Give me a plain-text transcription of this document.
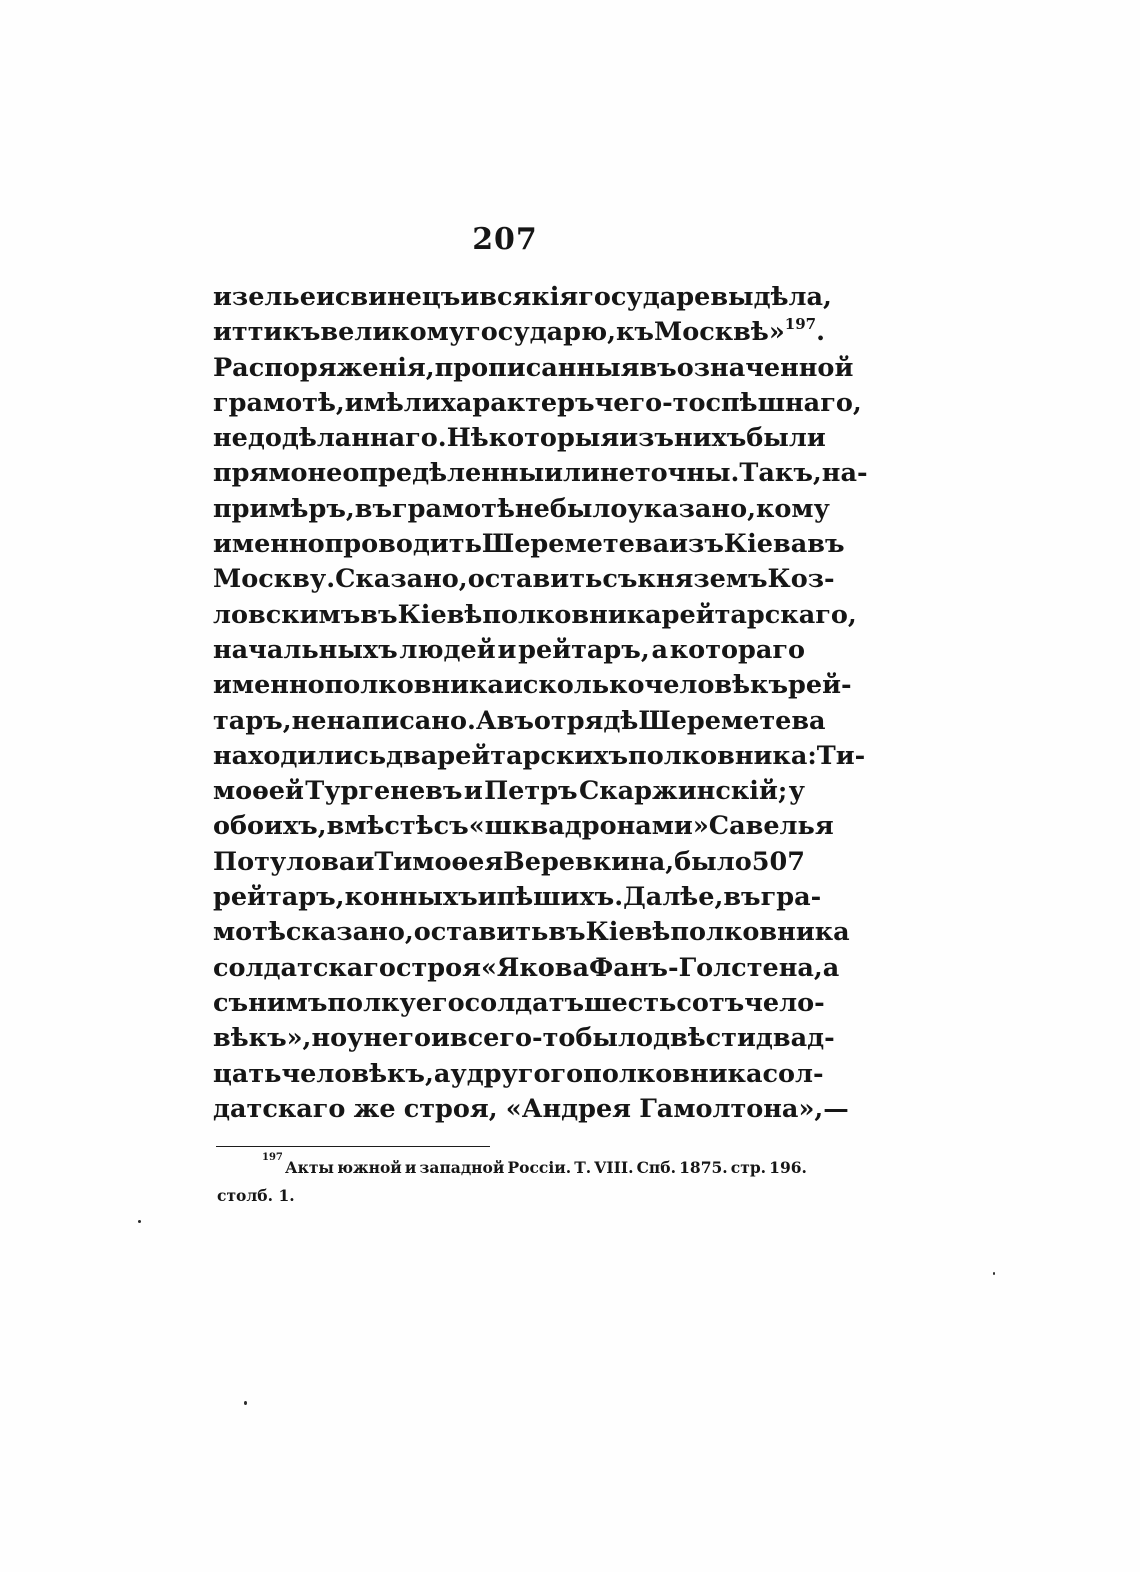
207
и зелье и свинецъ и всякія государевы дѣла,
итти къ великому государю, къ Москвѣ»$^{197}$.
Распоряженія, прописанныя въ означенной
грамотѣ, имѣли характеръ чего-то спѣшнаго,
недодѣланнаго. Нѣкоторыя изъ нихъ были
прямо неопредѣленны или неточны. Такъ, на-
примѣръ, въ грамотѣ не было указано, кому
именно проводить Шереметева изъ Кіева въ
Москву. Сказано, оставить съ княземъ Коз-
ловскимъ въ Кіевѣ полковника рейтарскаго,
начальныхъ людей и рейтаръ, а котораго
именно полковника и сколько человѣкъ рей-
таръ, не написано. А въ отрядѣ Шереметева
находились два рейтарскихъ полковника: Ти-
моѳей Тургеневъ и Петръ Скаржинскій; у
обоихъ, вмѣстѣ съ «шквадронами» Савелья
Потулова и Тимоѳея Веревкина, было 507
рейтаръ, конныхъ и пѣшихъ. Далѣе, въ гра-
мотѣ сказано, оставить въ Кіевѣ полковника
солдатскаго строя «Якова Фанъ-Голстена, а
съ нимъ полку его солдатъ шесть сотъ чело-
вѣкъ», но у него и всего-то было двѣсти двад-
цать человѣкъ, а у другого полковника сол-
датскаго же строя, «Андрея Гамолтона»,—
197
Акты южной и западной Россіи. Т. VIII. Спб. 1875. стр. 196.
столб. 1.
